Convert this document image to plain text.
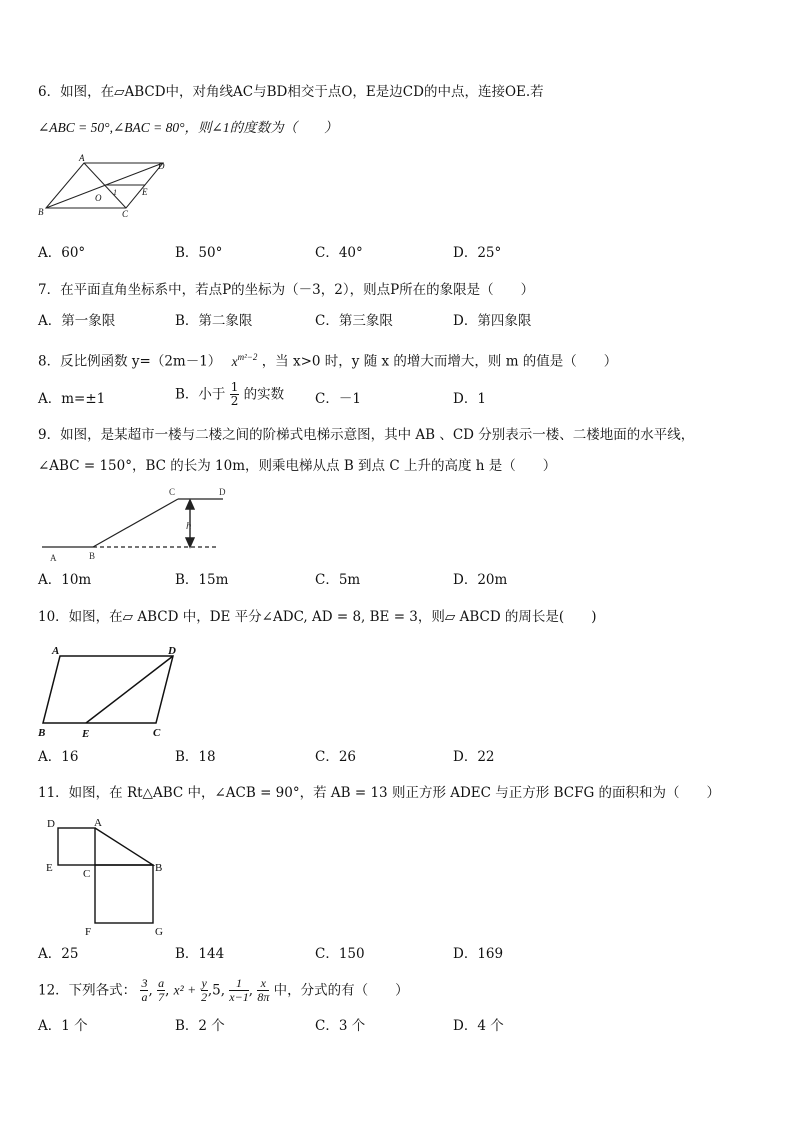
6．如图，在▱ABCD中，对角线AC与BD相交于点O，E是边CD的中点，连接OE.若
∠ABC = 50°,∠BAC = 80°，则∠1的度数为（　　）
A
D
B	C
O
E
1
A．60°	B．50°	C．40°	D．25°
7．在平面直角坐标系中，若点P的坐标为（－3，2），则点P所在的象限是（　　）
A．第一象限	B．第二象限	C．第三象限	D．第四象限
8．反比例函数 y=（2m－1） $x^{m^2-2}$ ，当 x>0 时，y 随 x 的增大而增大，则 m 的值是（　　）
A．m=±1	B．小于 $\frac{1}{2}$ 的实数 C．－1	D．1
9．如图，是某超市一楼与二楼之间的阶梯式电梯示意图，其中 AB 、CD 分别表示一楼、二楼地面的水平线，
∠ABC = 150°，BC 的长为 10m，则乘电梯从点 B 到点 C 上升的高度 h 是（　　）
A	B
C	D
h
A．10m	B．15m	C．5m	D．20m
10．如图，在▱ ABCD 中，DE 平分∠ADC, AD = 8, BE = 3，则▱ ABCD 的周长是(　　)
A	D
B	E	C
A．16	B．18	C．26	D．22
11．如图，在 Rt△ABC 中，∠ACB = 90°，若 AB = 13 则正方形 ADEC 与正方形 BCFG 的面积和为（　　）
D	A
E	C	B
F	G
A．25	B．144	C．150	D．169
12．下列各式： $\frac{3}{a}$ , $\frac{a}{7}$ , $x^2 + \frac{y}{2} ,5$, $\frac{1}{x-1}$ , $\frac{x}{8\pi}$ 中，分式的有（　　）
A．1 个	B．2 个	C．3 个	D．4 个
